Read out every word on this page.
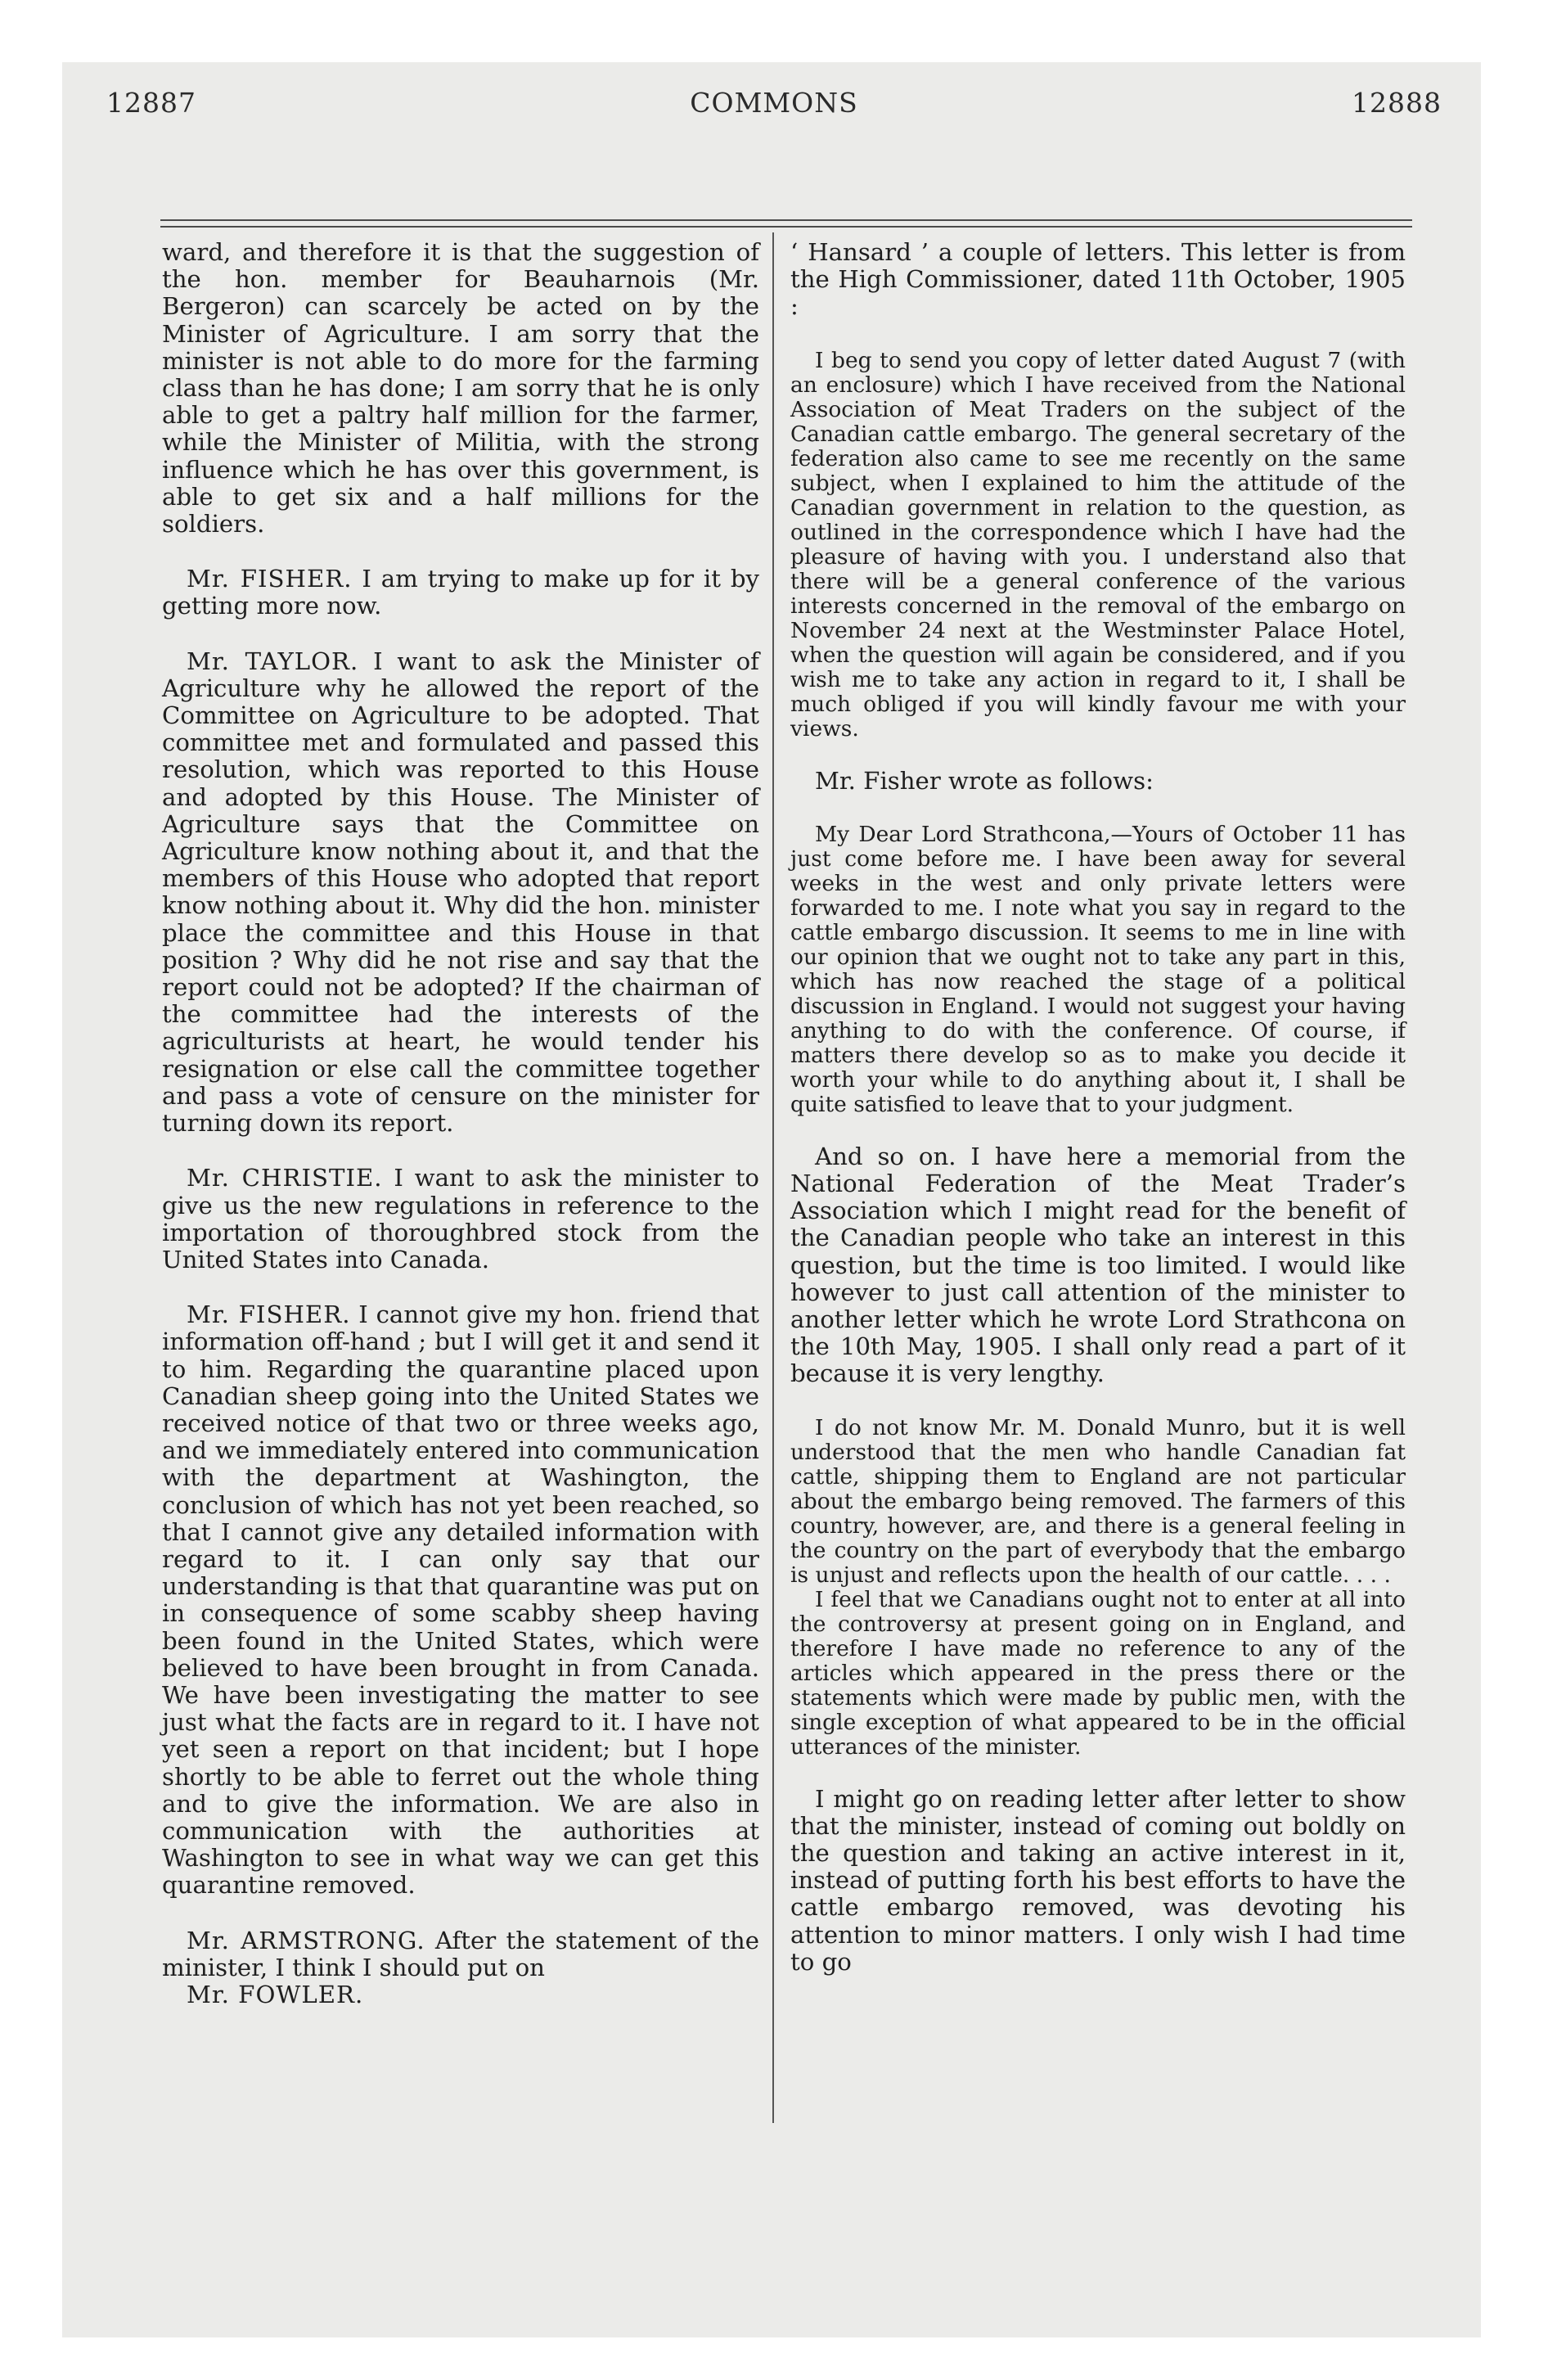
12887	COMMONS	12888

ward, and therefore it is that the suggestion of the hon. member for Beauharnois (Mr. Bergeron) can scarcely be acted on by the Minister of Agriculture. I am sorry that the minister is not able to do more for the farming class than he has done; I am sorry that he is only able to get a paltry half million for the farmer, while the Minister of Militia, with the strong influence which he has over this government, is able to get six and a half millions for the soldiers.

Mr. FISHER. I am trying to make up for it by getting more now.

Mr. TAYLOR. I want to ask the Minister of Agriculture why he allowed the report of the Committee on Agriculture to be adopted. That committee met and formulated and passed this resolution, which was reported to this House and adopted by this House. The Minister of Agriculture says that the Committee on Agriculture know nothing about it, and that the members of this House who adopted that report know nothing about it. Why did the hon. minister place the committee and this House in that position ? Why did he not rise and say that the report could not be adopted? If the chairman of the committee had the interests of the agriculturists at heart, he would tender his resignation or else call the committee together and pass a vote of censure on the minister for turning down its report.

Mr. CHRISTIE. I want to ask the minister to give us the new regulations in reference to the importation of thoroughbred stock from the United States into Canada.

Mr. FISHER. I cannot give my hon. friend that information off-hand ; but I will get it and send it to him. Regarding the quarantine placed upon Canadian sheep going into the United States we received notice of that two or three weeks ago, and we immediately entered into communication with the department at Washington, the conclusion of which has not yet been reached, so that I cannot give any detailed information with regard to it. I can only say that our understanding is that that quarantine was put on in consequence of some scabby sheep having been found in the United States, which were believed to have been brought in from Canada. We have been investigating the matter to see just what the facts are in regard to it. I have not yet seen a report on that incident; but I hope shortly to be able to ferret out the whole thing and to give the information. We are also in communication with the authorities at Washington to see in what way we can get this quarantine removed.

Mr. ARMSTRONG. After the statement of the minister, I think I should put on

Mr. FOWLER.

‘ Hansard ’ a couple of letters. This letter is from the High Commissioner, dated 11th October, 1905 :

I beg to send you copy of letter dated August 7 (with an enclosure) which I have received from the National Association of Meat Traders on the subject of the Canadian cattle embargo. The general secretary of the federation also came to see me recently on the same subject, when I explained to him the attitude of the Canadian government in relation to the question, as outlined in the correspondence which I have had the pleasure of having with you. I understand also that there will be a general conference of the various interests concerned in the removal of the embargo on November 24 next at the Westminster Palace Hotel, when the question will again be considered, and if you wish me to take any action in regard to it, I shall be much obliged if you will kindly favour me with your views.

Mr. Fisher wrote as follows:

My Dear Lord Strathcona,—Yours of October 11 has just come before me. I have been away for several weeks in the west and only private letters were forwarded to me. I note what you say in regard to the cattle embargo discussion. It seems to me in line with our opinion that we ought not to take any part in this, which has now reached the stage of a political discussion in England. I would not suggest your having anything to do with the conference. Of course, if matters there develop so as to make you decide it worth your while to do anything about it, I shall be quite satisfied to leave that to your judgment.

And so on. I have here a memorial from the National Federation of the Meat Trader’s Association which I might read for the benefit of the Canadian people who take an interest in this question, but the time is too limited. I would like however to just call attention of the minister to another letter which he wrote Lord Strathcona on the 10th May, 1905. I shall only read a part of it because it is very lengthy.

I do not know Mr. M. Donald Munro, but it is well understood that the men who handle Canadian fat cattle, shipping them to England are not particular about the embargo being removed. The farmers of this country, however, are, and there is a general feeling in the country on the part of everybody that the embargo is unjust and reflects upon the health of our cattle. . . .

I feel that we Canadians ought not to enter at all into the controversy at present going on in England, and therefore I have made no reference to any of the articles which appeared in the press there or the statements which were made by public men, with the single exception of what appeared to be in the official utterances of the minister.

I might go on reading letter after letter to show that the minister, instead of coming out boldly on the question and taking an active interest in it, instead of putting forth his best efforts to have the cattle embargo removed, was devoting his attention to minor matters. I only wish I had time to go
